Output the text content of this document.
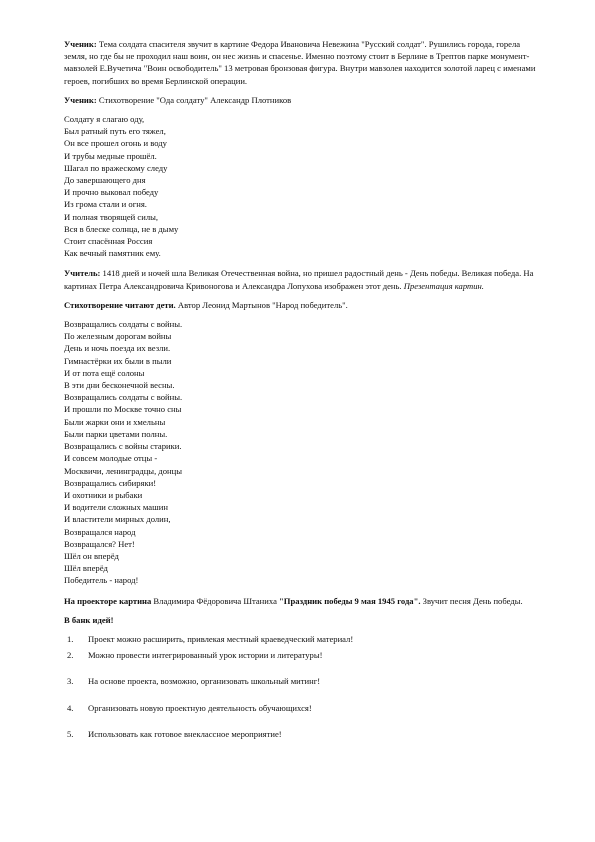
Ученик: Тема солдата спасителя звучит в картине Федора Ивановича Невежина "Русский солдат". Рушились города, горела земля, но где бы не проходил наш воин, он нес жизнь и спасенье. Именно поэтому стоит в Берлине в Трептов парке монумент- мавзолей Е.Вучетича "Воин освободитель" 13 метровая бронзовая фигура. Внутри мавзолея находится золотой ларец с именами героев, погибших во время Берлинской операции.

Ученик: Стихотворение "Ода солдату" Александр Плотников

Солдату я слагаю оду,
Был ратный путь его тяжел,
Он все прошел огонь и воду
И трубы медные прошёл.
Шагал по вражескому следу
До завершающего дня
И прочно выковал победу
Из грома стали и огня.
И полная творящей силы,
Вся в блеске солнца, не в дыму
Стоит спасённая Россия
Как вечный памятник ему.

Учитель: 1418 дней и ночей шла Великая Отечественная война, но пришел радостный день - День победы. Великая победа. На картинах Петра Александровича Кривоногова и Александра Лопухова изображен этот день. Презентация картин.

Стихотворение читают дети. Автор Леонид Мартынов "Народ победитель".

Возвращались солдаты с войны.
По железным дорогам войны
День и ночь поезда их везли.
Гимнастёрки их были в пыли
И от пота ещё солоны
В эти дни бесконечной весны.
Возвращались солдаты с войны.
И прошли по Москве точно сны
Были жарки они и хмельны
Были парки цветами полны.
Возвращались с войны старики.
И совсем молодые отцы -
Москвичи, ленинградцы, донцы
Возвращались сибиряки!
И охотники и рыбаки
И водители сложных машин
И властители мирных долин,
Возвращался народ
Возвращался? Нет!
Шёл он вперёд
Шёл вперёд
Победитель - народ!

На проекторе картина Владимира Фёдоровича Штаниха "Праздник победы 9 мая 1945 года". Звучит песня День победы.

В банк идей!

1. Проект можно расширить, привлекая местный краеведческий материал!
2. Можно провести интегрированный урок истории и литературы!
3. На основе проекта, возможно, организовать школьный митинг!
4. Организовать новую проектную деятельность обучающихся!
5. Использовать как готовое внеклассное мероприятие!
